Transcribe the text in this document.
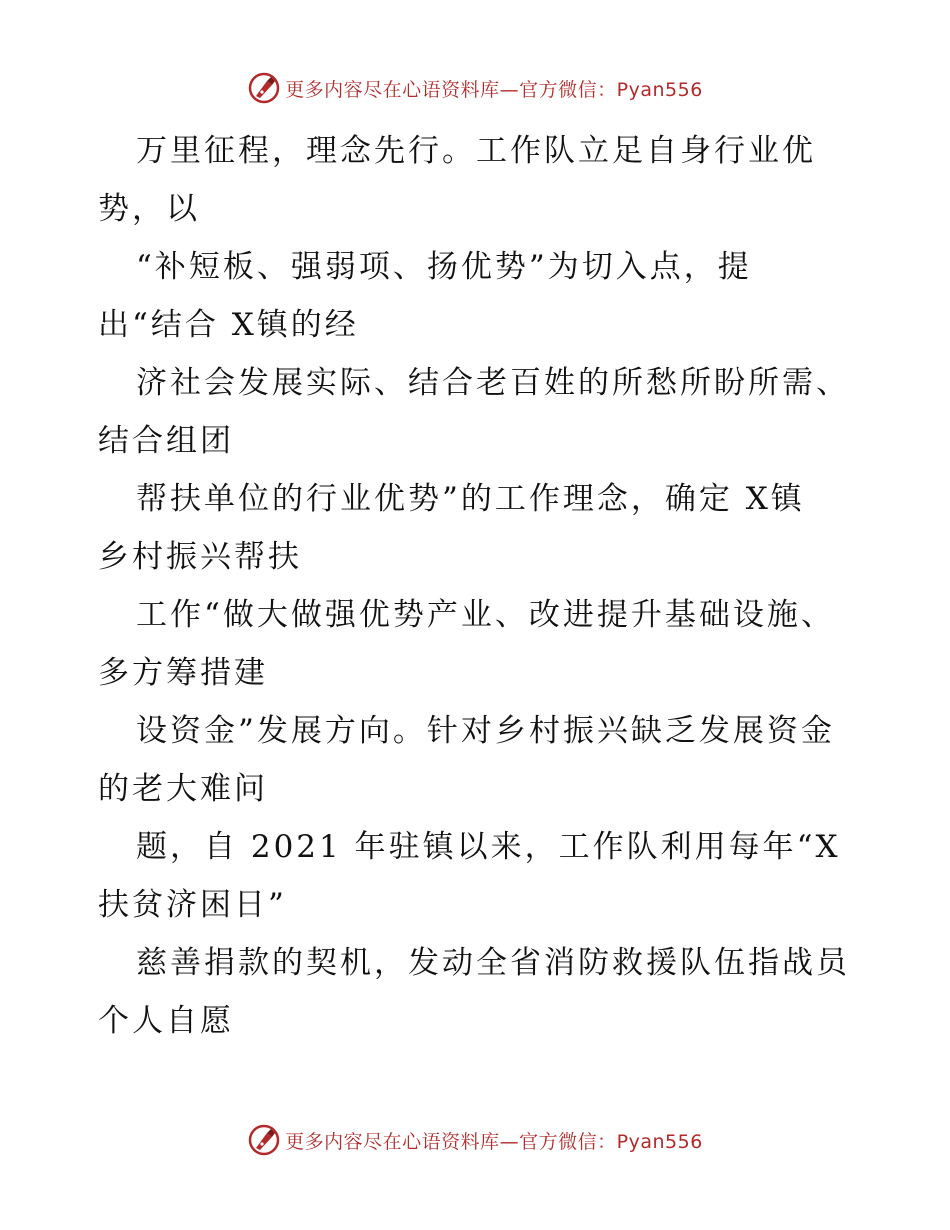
更多内容尽在心语资料库—官方微信：Pyan556
万里征程，理念先行。工作队立足自身行业优
势，以
“补短板、强弱项、扬优势”为切入点，提
出“结合 X镇的经
济社会发展实际、结合老百姓的所愁所盼所需、
结合组团
帮扶单位的行业优势”的工作理念，确定 X镇
乡村振兴帮扶
工作“做大做强优势产业、改进提升基础设施、
多方筹措建
设资金”发展方向。针对乡村振兴缺乏发展资金
的老大难问
题，自 2021 年驻镇以来，工作队利用每年“X
扶贫济困日”
慈善捐款的契机，发动全省消防救援队伍指战员
个人自愿
更多内容尽在心语资料库—官方微信：Pyan556
